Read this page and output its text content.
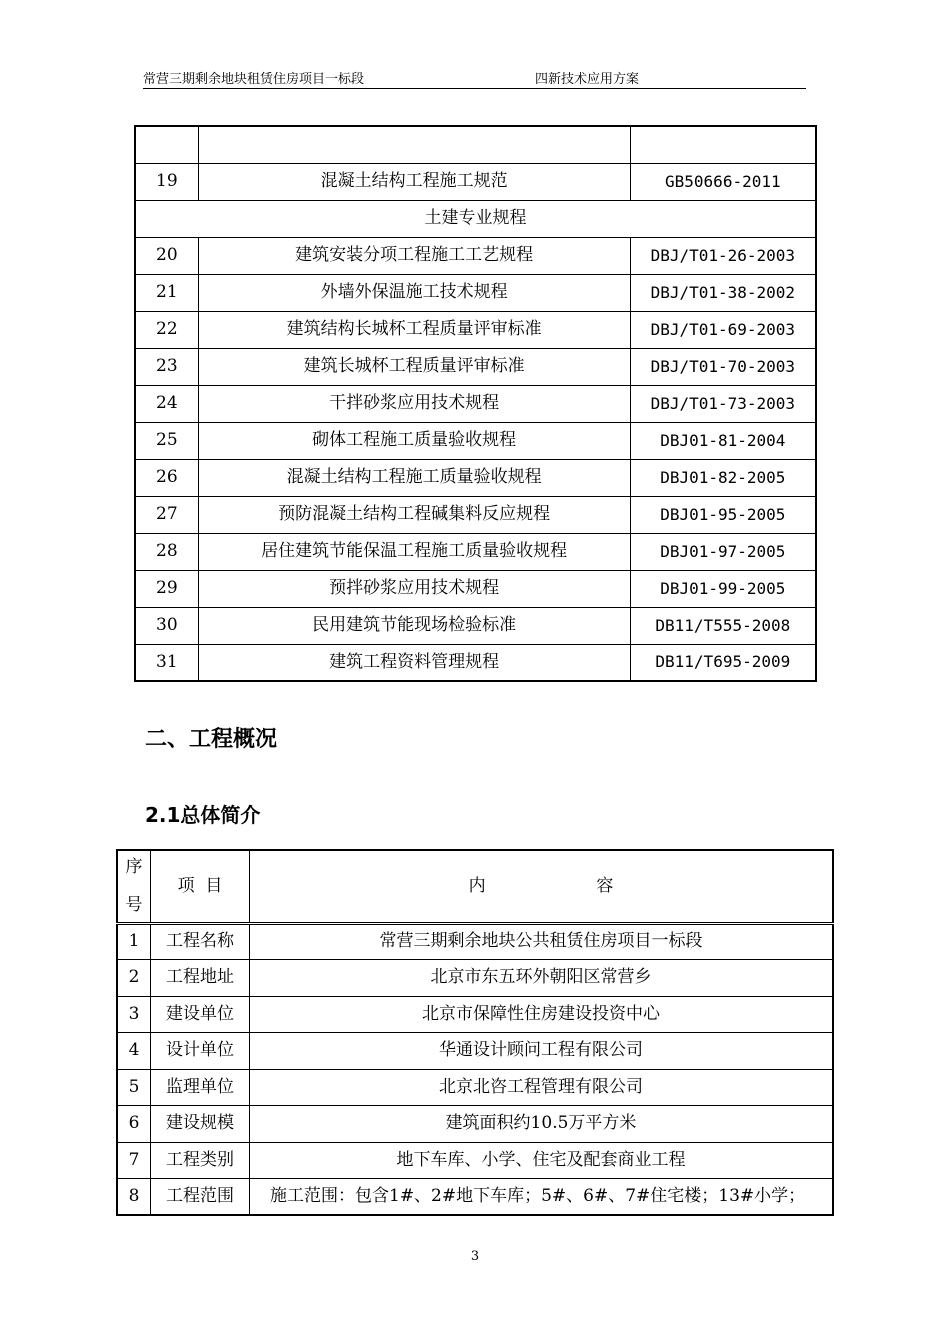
常营三期剩余地块租赁住房项目一标段	四新技术应用方案

19	混凝土结构工程施工规范	GB50666-2011
土建专业规程		
20	建筑安装分项工程施工工艺规程	DBJ/T01-26-2003
21	外墙外保温施工技术规程	DBJ/T01-38-2002
22	建筑结构长城杯工程质量评审标准	DBJ/T01-69-2003
23	建筑长城杯工程质量评审标准	DBJ/T01-70-2003
24	干拌砂浆应用技术规程	DBJ/T01-73-2003
25	砌体工程施工质量验收规程	DBJ01-81-2004
26	混凝土结构工程施工质量验收规程	DBJ01-82-2005
27	预防混凝土结构工程碱集料反应规程	DBJ01-95-2005
28	居住建筑节能保温工程施工质量验收规程	DBJ01-97-2005
29	预拌砂浆应用技术规程	DBJ01-99-2005
30	民用建筑节能现场检验标准	DB11/T555-2008
31	建筑工程资料管理规程	DB11/T695-2009
二、工程概况
2.1总体简介
序

号	项  目	内 容
1	工程名称	常营三期剩余地块公共租赁住房项目一标段
2	工程地址	北京市东五环外朝阳区常营乡
3	建设单位	北京市保障性住房建设投资中心
4	设计单位	华通设计顾问工程有限公司
5	监理单位	北京北咨工程管理有限公司
6	建设规模	建筑面积约10.5万平方米
7	工程类别	地下车库、小学、住宅及配套商业工程
8	工程范围	施工范围：包含1#、2#地下车库；5#、6#、7#住宅楼；13#小学；
3
